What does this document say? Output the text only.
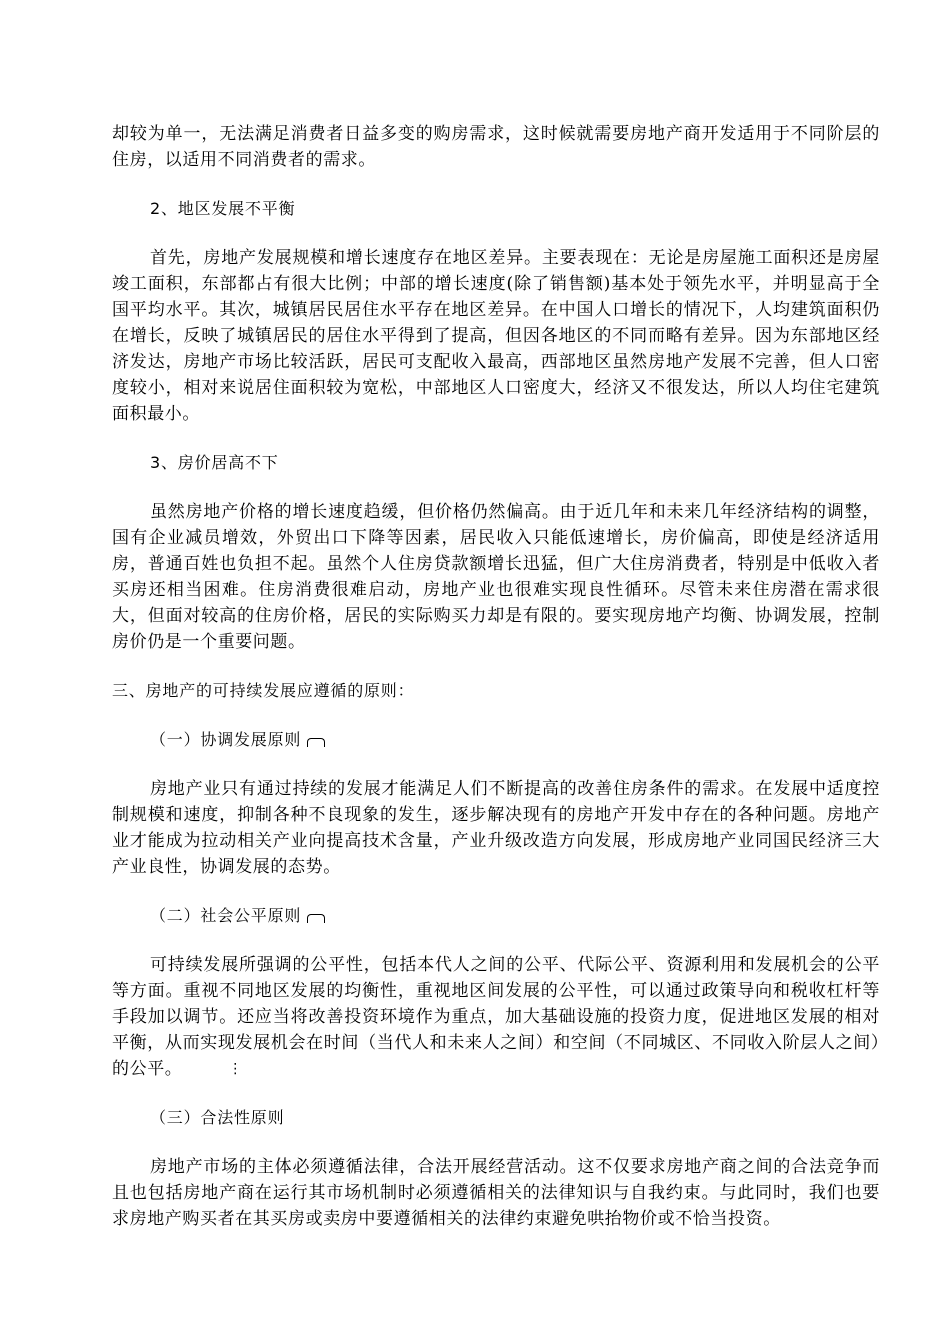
却较为单一，无法满足消费者日益多变的购房需求，这时候就需要房地产商开发适用于不同阶层的住房，以适用不同消费者的需求。

2、地区发展不平衡

首先，房地产发展规模和增长速度存在地区差异。主要表现在：无论是房屋施工面积还是房屋竣工面积，东部都占有很大比例；中部的增长速度(除了销售额)基本处于领先水平，并明显高于全国平均水平。其次，城镇居民居住水平存在地区差异。在中国人口增长的情况下，人均建筑面积仍在增长，反映了城镇居民的居住水平得到了提高，但因各地区的不同而略有差异。因为东部地区经济发达，房地产市场比较活跃，居民可支配收入最高，西部地区虽然房地产发展不完善，但人口密度较小，相对来说居住面积较为宽松，中部地区人口密度大，经济又不很发达，所以人均住宅建筑面积最小。

3、房价居高不下

虽然房地产价格的增长速度趋缓，但价格仍然偏高。由于近几年和未来几年经济结构的调整，国有企业减员增效，外贸出口下降等因素，居民收入只能低速增长，房价偏高，即使是经济适用房，普通百姓也负担不起。虽然个人住房贷款额增长迅猛，但广大住房消费者，特别是中低收入者买房还相当困难。住房消费很难启动，房地产业也很难实现良性循环。尽管未来住房潜在需求很大，但面对较高的住房价格，居民的实际购买力却是有限的。要实现房地产均衡、协调发展，控制房价仍是一个重要问题。

三、房地产的可持续发展应遵循的原则：

（一）协调发展原则

房地产业只有通过持续的发展才能满足人们不断提高的改善住房条件的需求。在发展中适度控制规模和速度，抑制各种不良现象的发生，逐步解决现有的房地产开发中存在的各种问题。房地产业才能成为拉动相关产业向提高技术含量，产业升级改造方向发展，形成房地产业同国民经济三大产业良性，协调发展的态势。

（二）社会公平原则

可持续发展所强调的公平性，包括本代人之间的公平、代际公平、资源利用和发展机会的公平等方面。重视不同地区发展的均衡性，重视地区间发展的公平性，可以通过政策导向和税收杠杆等手段加以调节。还应当将改善投资环境作为重点，加大基础设施的投资力度，促进地区发展的相对平衡，从而实现发展机会在时间（当代人和未来人之间）和空间（不同城区、不同收入阶层人之间）的公平。	⋮

（三）合法性原则

房地产市场的主体必须遵循法律，合法开展经营活动。这不仅要求房地产商之间的合法竞争而且也包括房地产商在运行其市场机制时必须遵循相关的法律知识与自我约束。与此同时，我们也要求房地产购买者在其买房或卖房中要遵循相关的法律约束避免哄抬物价或不恰当投资。
